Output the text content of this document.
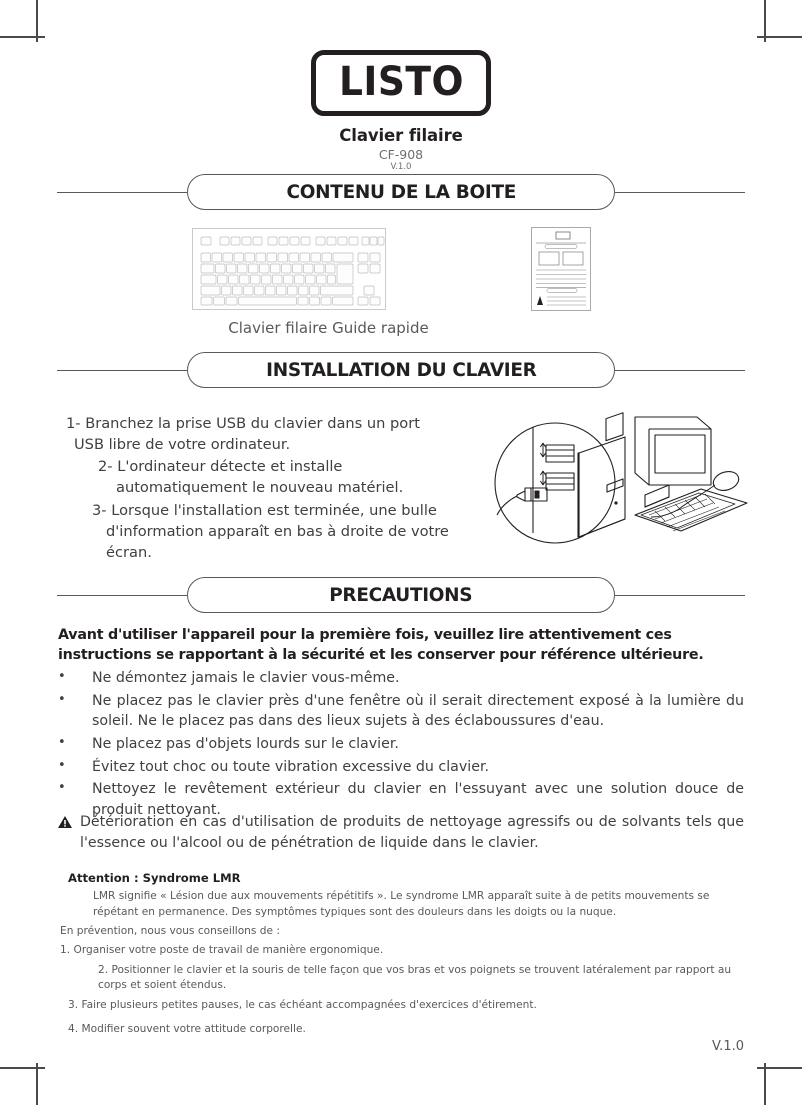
LISTO
Clavier filaire
CF-908
V.1.0
CONTENU DE LA BOITE
Clavier filaire Guide rapide
INSTALLATION DU CLAVIER
1- Branchez la prise USB du clavier dans un port
USB libre de votre ordinateur.
2- L'ordinateur détecte et installe
automatiquement le nouveau matériel.
3- Lorsque l'installation est terminée, une bulle
d'information apparaît en bas à droite de votre écran.
PRECAUTIONS
Avant d'utiliser l'appareil pour la première fois, veuillez lire attentivement ces instructions se rapportant à la sécurité et les conserver pour référence ultérieure.
•	Ne démontez jamais le clavier vous-même.
•	Ne placez pas le clavier près d'une fenêtre où il serait directement exposé à la lumière du soleil. Ne le placez pas dans des lieux sujets à des éclaboussures d'eau.
•	Ne placez pas d'objets lourds sur le clavier.
•	Évitez tout choc ou toute vibration excessive du clavier.
•	Nettoyez le revêtement extérieur du clavier en l'essuyant avec une solution douce de produit nettoyant.
Détérioration en cas d'utilisation de produits de nettoyage agressifs ou de solvants tels que l'essence ou l'alcool ou de pénétration de liquide dans le clavier.
Attention : Syndrome LMR
LMR signifie « Lésion due aux mouvements répétitifs ». Le syndrome LMR apparaît suite à de petits mouvements se répétant en permanence. Des symptômes typiques sont des douleurs dans les doigts ou la nuque.
En prévention, nous vous conseillons de :
1. Organiser votre poste de travail de manière ergonomique.
2. Positionner le clavier et la souris de telle façon que vos bras et vos poignets se trouvent latéralement par rapport au corps et soient étendus.
3. Faire plusieurs petites pauses, le cas échéant accompagnées d'exercices d'étirement.
4. Modifier souvent votre attitude corporelle.
V.1.0
